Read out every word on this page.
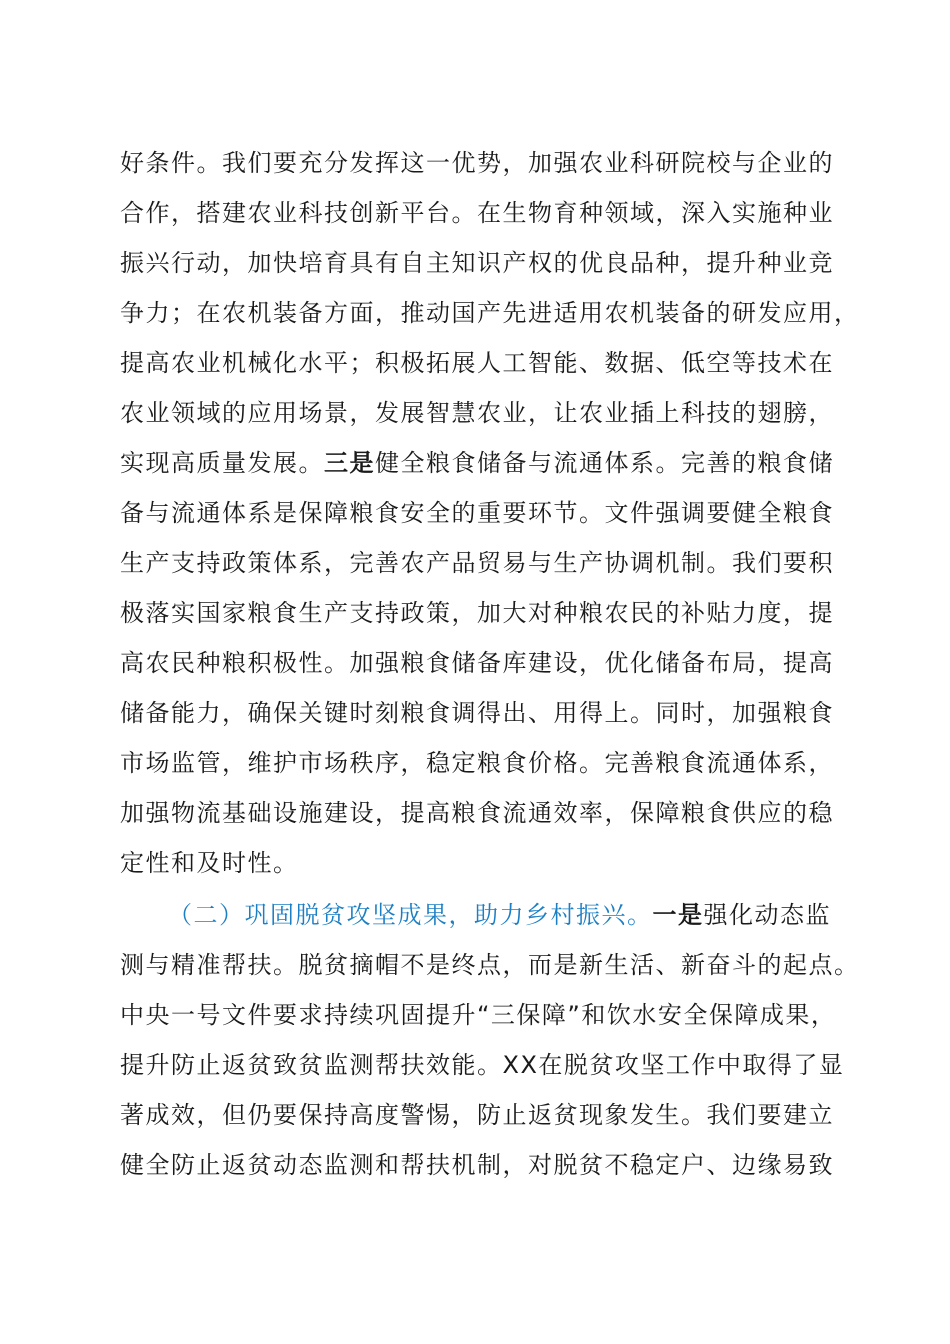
好条件。我们要充分发挥这一优势，加强农业科研院校与企业的
合作，搭建农业科技创新平台。在生物育种领域，深入实施种业
振兴行动，加快培育具有自主知识产权的优良品种，提升种业竞
争力；在农机装备方面，推动国产先进适用农机装备的研发应用，
提高农业机械化水平；积极拓展人工智能、数据、低空等技术在
农业领域的应用场景，发展智慧农业，让农业插上科技的翅膀，
实现高质量发展。三是健全粮食储备与流通体系。完善的粮食储
备与流通体系是保障粮食安全的重要环节。文件强调要健全粮食
生产支持政策体系，完善农产品贸易与生产协调机制。我们要积
极落实国家粮食生产支持政策，加大对种粮农民的补贴力度，提
高农民种粮积极性。加强粮食储备库建设，优化储备布局，提高
储备能力，确保关键时刻粮食调得出、用得上。同时，加强粮食
市场监管，维护市场秩序，稳定粮食价格。完善粮食流通体系，
加强物流基础设施建设，提高粮食流通效率，保障粮食供应的稳
定性和及时性。
（二）巩固脱贫攻坚成果，助力乡村振兴。一是强化动态监
测与精准帮扶。脱贫摘帽不是终点，而是新生活、新奋斗的起点。
中央一号文件要求持续巩固提升“三保障”和饮水安全保障成果，
提升防止返贫致贫监测帮扶效能。XX在脱贫攻坚工作中取得了显
著成效，但仍要保持高度警惕，防止返贫现象发生。我们要建立
健全防止返贫动态监测和帮扶机制，对脱贫不稳定户、边缘易致
